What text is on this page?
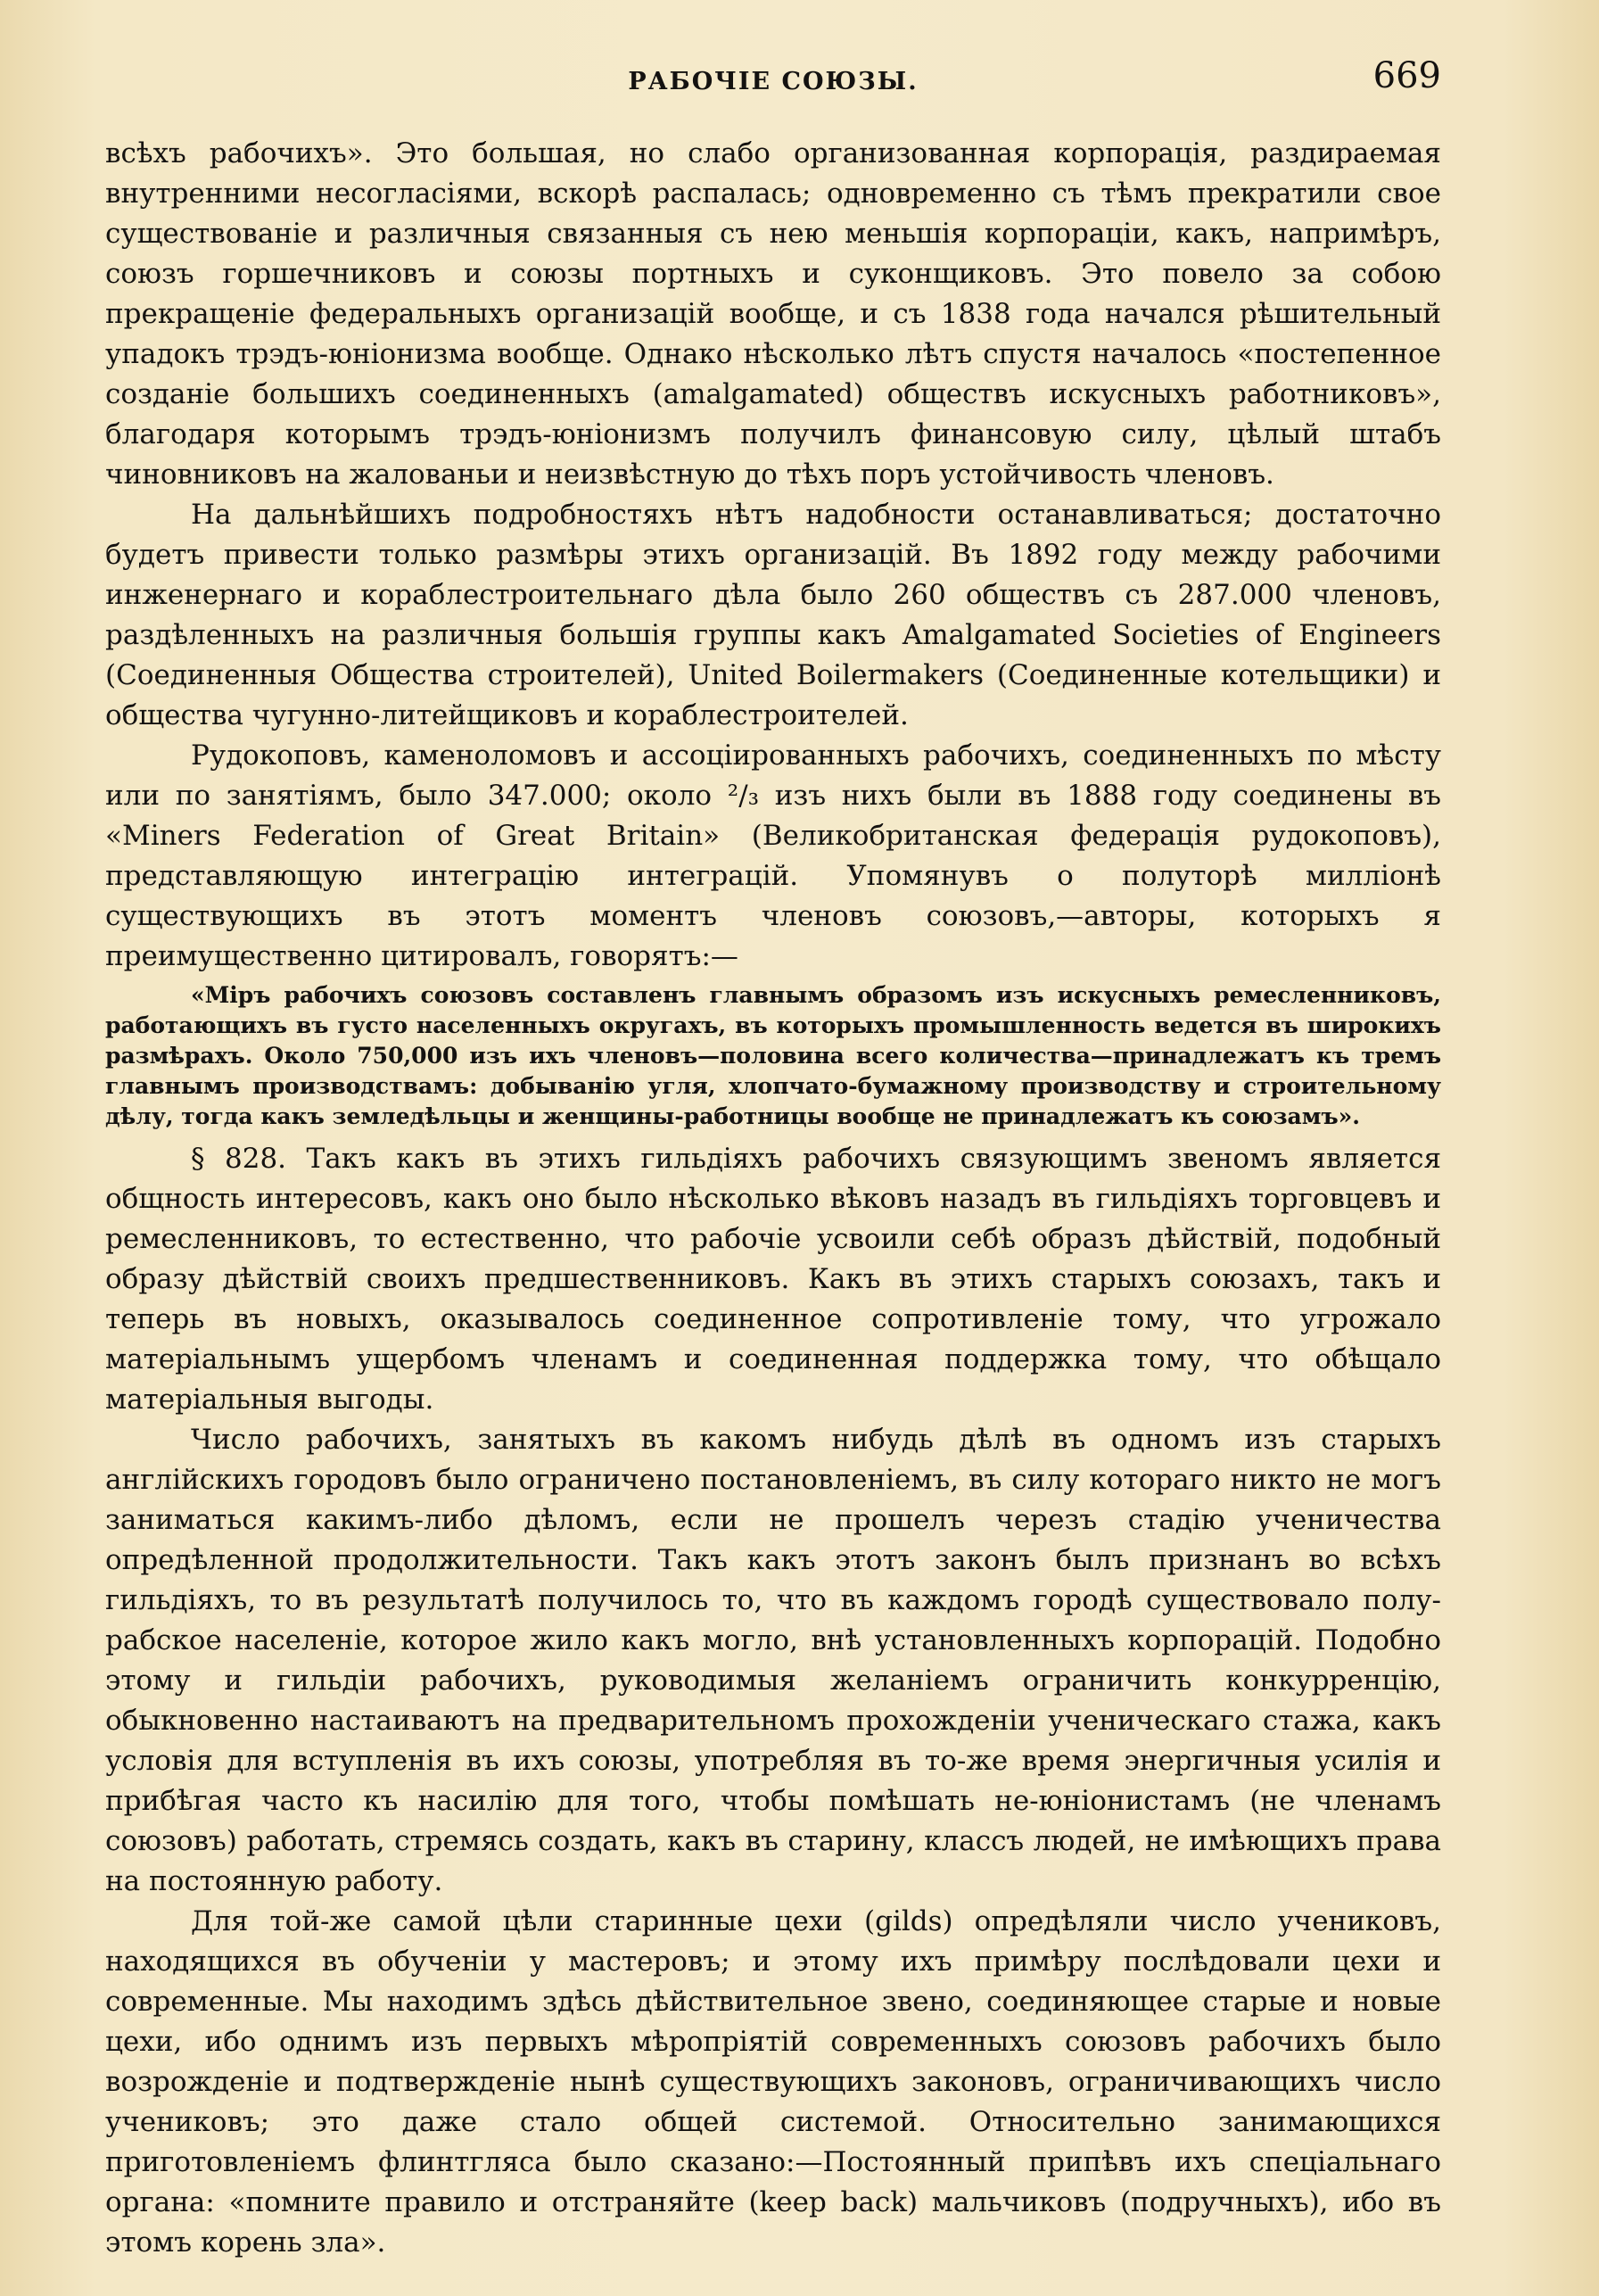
РАБОЧІЕ СОЮЗЫ.	669

всѣхъ рабочихъ». Это большая, но слабо организованная корпорація, раздираемая внутренними несогласіями, вскорѣ распалась; одновременно съ тѣмъ прекратили свое существованіе и различныя связанныя съ нею меньшія корпораціи, какъ, напримѣръ, союзъ горшечниковъ и союзы портныхъ и суконщиковъ. Это повело за собою прекращеніе федеральныхъ организацій вообще, и съ 1838 года начался рѣшительный упадокъ трэдъ-юніонизма вообще. Однако нѣсколько лѣтъ спустя началось «постепенное созданіе большихъ соединенныхъ (amalgamated) обществъ искусныхъ работниковъ», благодаря которымъ трэдъ-юніонизмъ получилъ финансовую силу, цѣлый штабъ чиновниковъ на жалованьи и неизвѣстную до тѣхъ поръ устойчивость членовъ.

На дальнѣйшихъ подробностяхъ нѣтъ надобности останавливаться; достаточно будетъ привести только размѣры этихъ организацій. Въ 1892 году между рабочими инженернаго и кораблестроительнаго дѣла было 260 обществъ съ 287.000 членовъ, раздѣленныхъ на различныя большія группы какъ Amalgamated Societies of Engineers (Соединенныя Общества строителей), United Boilermakers (Соединенные котельщики) и общества чугунно-литейщиковъ и кораблестроителей.

Рудокоповъ, каменоломовъ и ассоціированныхъ рабочихъ, соединенныхъ по мѣсту или по занятіямъ, было 347.000; около ²/₃ изъ нихъ были въ 1888 году соединены въ «Miners Federation of Great Britain» (Великобританская федерація рудокоповъ), представляющую интеграцію интеграцій. Упомянувъ о полуторѣ милліонѣ существующихъ въ этотъ моментъ членовъ союзовъ,—авторы, которыхъ я преимущественно цитировалъ, говорятъ:—

«Міръ рабочихъ союзовъ составленъ главнымъ образомъ изъ искусныхъ ремесленниковъ, работающихъ въ густо населенныхъ округахъ, въ которыхъ промышленность ведется въ широкихъ размѣрахъ. Около 750,000 изъ ихъ членовъ—половина всего количества—принадлежатъ къ тремъ главнымъ производствамъ: добыванію угля, хлопчато-бумажному производству и строительному дѣлу, тогда какъ земледѣльцы и женщины-работницы вообще не принадлежатъ къ союзамъ».

§ 828. Такъ какъ въ этихъ гильдіяхъ рабочихъ связующимъ звеномъ является общность интересовъ, какъ оно было нѣсколько вѣковъ назадъ въ гильдіяхъ торговцевъ и ремесленниковъ, то естественно, что рабочіе усвоили себѣ образъ дѣйствій, подобный образу дѣйствій своихъ предшественниковъ. Какъ въ этихъ старыхъ союзахъ, такъ и теперь въ новыхъ, оказывалось соединенное сопротивленіе тому, что угрожало матеріальнымъ ущербомъ членамъ и соединенная поддержка тому, что обѣщало матеріальныя выгоды.

Число рабочихъ, занятыхъ въ какомъ нибудь дѣлѣ въ одномъ изъ старыхъ англійскихъ городовъ было ограничено постановленіемъ, въ силу котораго никто не могъ заниматься какимъ-либо дѣломъ, если не прошелъ черезъ стадію ученичества опредѣленной продолжительности. Такъ какъ этотъ законъ былъ признанъ во всѣхъ гильдіяхъ, то въ результатѣ получилось то, что въ каждомъ городѣ существовало полу-рабское населеніе, которое жило какъ могло, внѣ установленныхъ корпорацій. Подобно этому и гильдіи рабочихъ, руководимыя желаніемъ ограничить конкурренцію, обыкновенно настаиваютъ на предварительномъ прохожденіи ученическаго стажа, какъ условія для вступленія въ ихъ союзы, употребляя въ то-же время энергичныя усилія и прибѣгая часто къ насилію для того, чтобы помѣшать не-юніонистамъ (не членамъ союзовъ) работать, стремясь создать, какъ въ старину, классъ людей, не имѣющихъ права на постоянную работу.

Для той-же самой цѣли старинные цехи (gilds) опредѣляли число учениковъ, находящихся въ обученіи у мастеровъ; и этому ихъ примѣру послѣдовали цехи и современные. Мы находимъ здѣсь дѣйствительное звено, соединяющее старые и новые цехи, ибо однимъ изъ первыхъ мѣропріятій современныхъ союзовъ рабочихъ было возрожденіе и подтвержденіе нынѣ существующихъ законовъ, ограничивающихъ число учениковъ; это даже стало общей системой. Относительно занимающихся приготовленіемъ флинтгляса было сказано:—Постоянный припѣвъ ихъ спеціальнаго органа: «помните правило и отстраняйте (keep back) мальчиковъ (подручныхъ), ибо въ этомъ корень зла».
